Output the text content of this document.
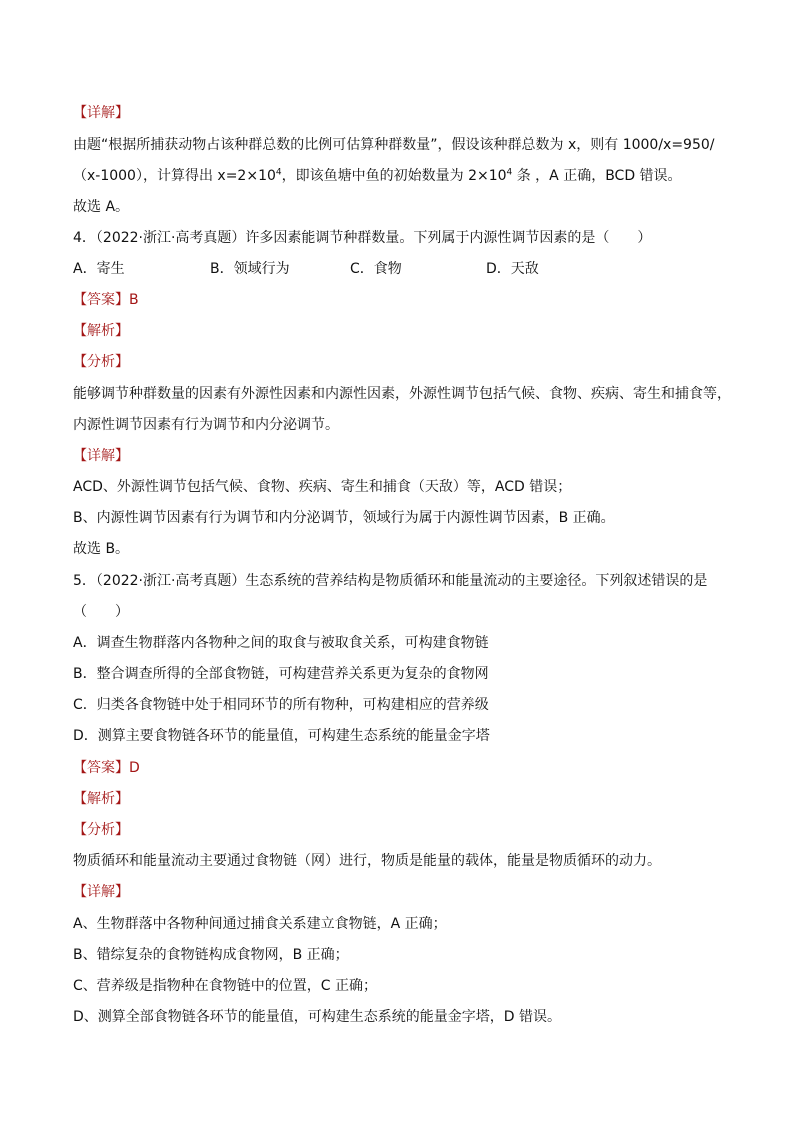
【详解】
由题“根据所捕获动物占该种群总数的比例可估算种群数量”，假设该种群总数为 x，则有 1000/x=950/
（x-1000），计算得出 $x=2\times 10^4$，即该鱼塘中鱼的初始数量为 $2\times 10^4$ 条 ，A 正确，BCD 错误。
故选 A。
4．（2022·浙江·高考真题）许多因素能调节种群数量。下列属于内源性调节因素的是（　　）
A．寄生	B．领域行为	C．食物	D．天敌
【答案】B
【解析】
【分析】
能够调节种群数量的因素有外源性因素和内源性因素，外源性调节包括气候、食物、疾病、寄生和捕食等，
内源性调节因素有行为调节和内分泌调节。
【详解】
ACD、外源性调节包括气候、食物、疾病、寄生和捕食（天敌）等，ACD 错误；
B、内源性调节因素有行为调节和内分泌调节，领域行为属于内源性调节因素，B 正确。
故选 B。
5．（2022·浙江·高考真题）生态系统的营养结构是物质循环和能量流动的主要途径。下列叙述错误的是
（　　）
A．调查生物群落内各物种之间的取食与被取食关系，可构建食物链
B．整合调查所得的全部食物链，可构建营养关系更为复杂的食物网
C．归类各食物链中处于相同环节的所有物种，可构建相应的营养级
D．测算主要食物链各环节的能量值，可构建生态系统的能量金字塔
【答案】D
【解析】
【分析】
物质循环和能量流动主要通过食物链（网）进行，物质是能量的载体，能量是物质循环的动力。
【详解】
A、生物群落中各物种间通过捕食关系建立食物链，A 正确；
B、错综复杂的食物链构成食物网，B 正确；
C、营养级是指物种在食物链中的位置，C 正确；
D、测算全部食物链各环节的能量值，可构建生态系统的能量金字塔，D 错误。
